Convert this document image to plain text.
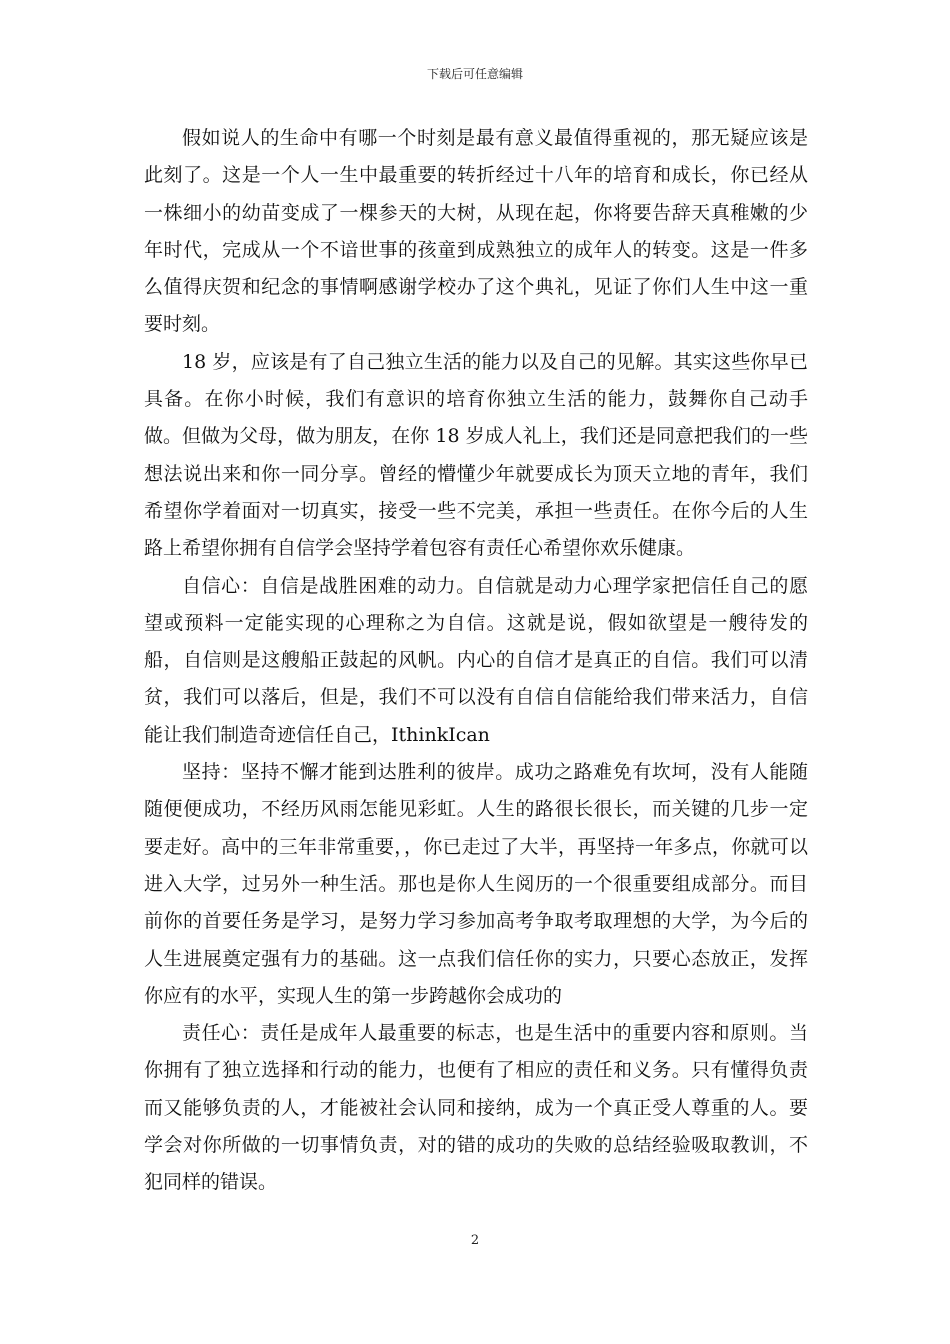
下载后可任意编辑

假如说人的生命中有哪一个时刻是最有意义最值得重视的，那无疑应该是此刻了。这是一个人一生中最重要的转折经过十八年的培育和成长，你已经从一株细小的幼苗变成了一棵参天的大树，从现在起，你将要告辞天真稚嫩的少年时代，完成从一个不谙世事的孩童到成熟独立的成年人的转变。这是一件多么值得庆贺和纪念的事情啊感谢学校办了这个典礼，见证了你们人生中这一重要时刻。

18 岁，应该是有了自己独立生活的能力以及自己的见解。其实这些你早已具备。在你小时候，我们有意识的培育你独立生活的能力，鼓舞你自己动手做。但做为父母，做为朋友，在你 18 岁成人礼上，我们还是同意把我们的一些想法说出来和你一同分享。曾经的懵懂少年就要成长为顶天立地的青年，我们希望你学着面对一切真实，接受一些不完美，承担一些责任。在你今后的人生路上希望你拥有自信学会坚持学着包容有责任心希望你欢乐健康。

自信心：自信是战胜困难的动力。自信就是动力心理学家把信任自己的愿望或预料一定能实现的心理称之为自信。这就是说，假如欲望是一艘待发的船，自信则是这艘船正鼓起的风帆。内心的自信才是真正的自信。我们可以清贫，我们可以落后，但是，我们不可以没有自信自信能给我们带来活力，自信能让我们制造奇迹信任自己，IthinkIcan

坚持：坚持不懈才能到达胜利的彼岸。成功之路难免有坎坷，没有人能随随便便成功，不经历风雨怎能见彩虹。人生的路很长很长，而关键的几步一定要走好。高中的三年非常重要，，你已走过了大半，再坚持一年多点，你就可以进入大学，过另外一种生活。那也是你人生阅历的一个很重要组成部分。而目前你的首要任务是学习，是努力学习参加高考争取考取理想的大学，为今后的人生进展奠定强有力的基础。这一点我们信任你的实力，只要心态放正，发挥你应有的水平，实现人生的第一步跨越你会成功的

责任心：责任是成年人最重要的标志，也是生活中的重要内容和原则。当你拥有了独立选择和行动的能力，也便有了相应的责任和义务。只有懂得负责而又能够负责的人，才能被社会认同和接纳，成为一个真正受人尊重的人。要学会对你所做的一切事情负责，对的错的成功的失败的总结经验吸取教训，不犯同样的错误。

2
